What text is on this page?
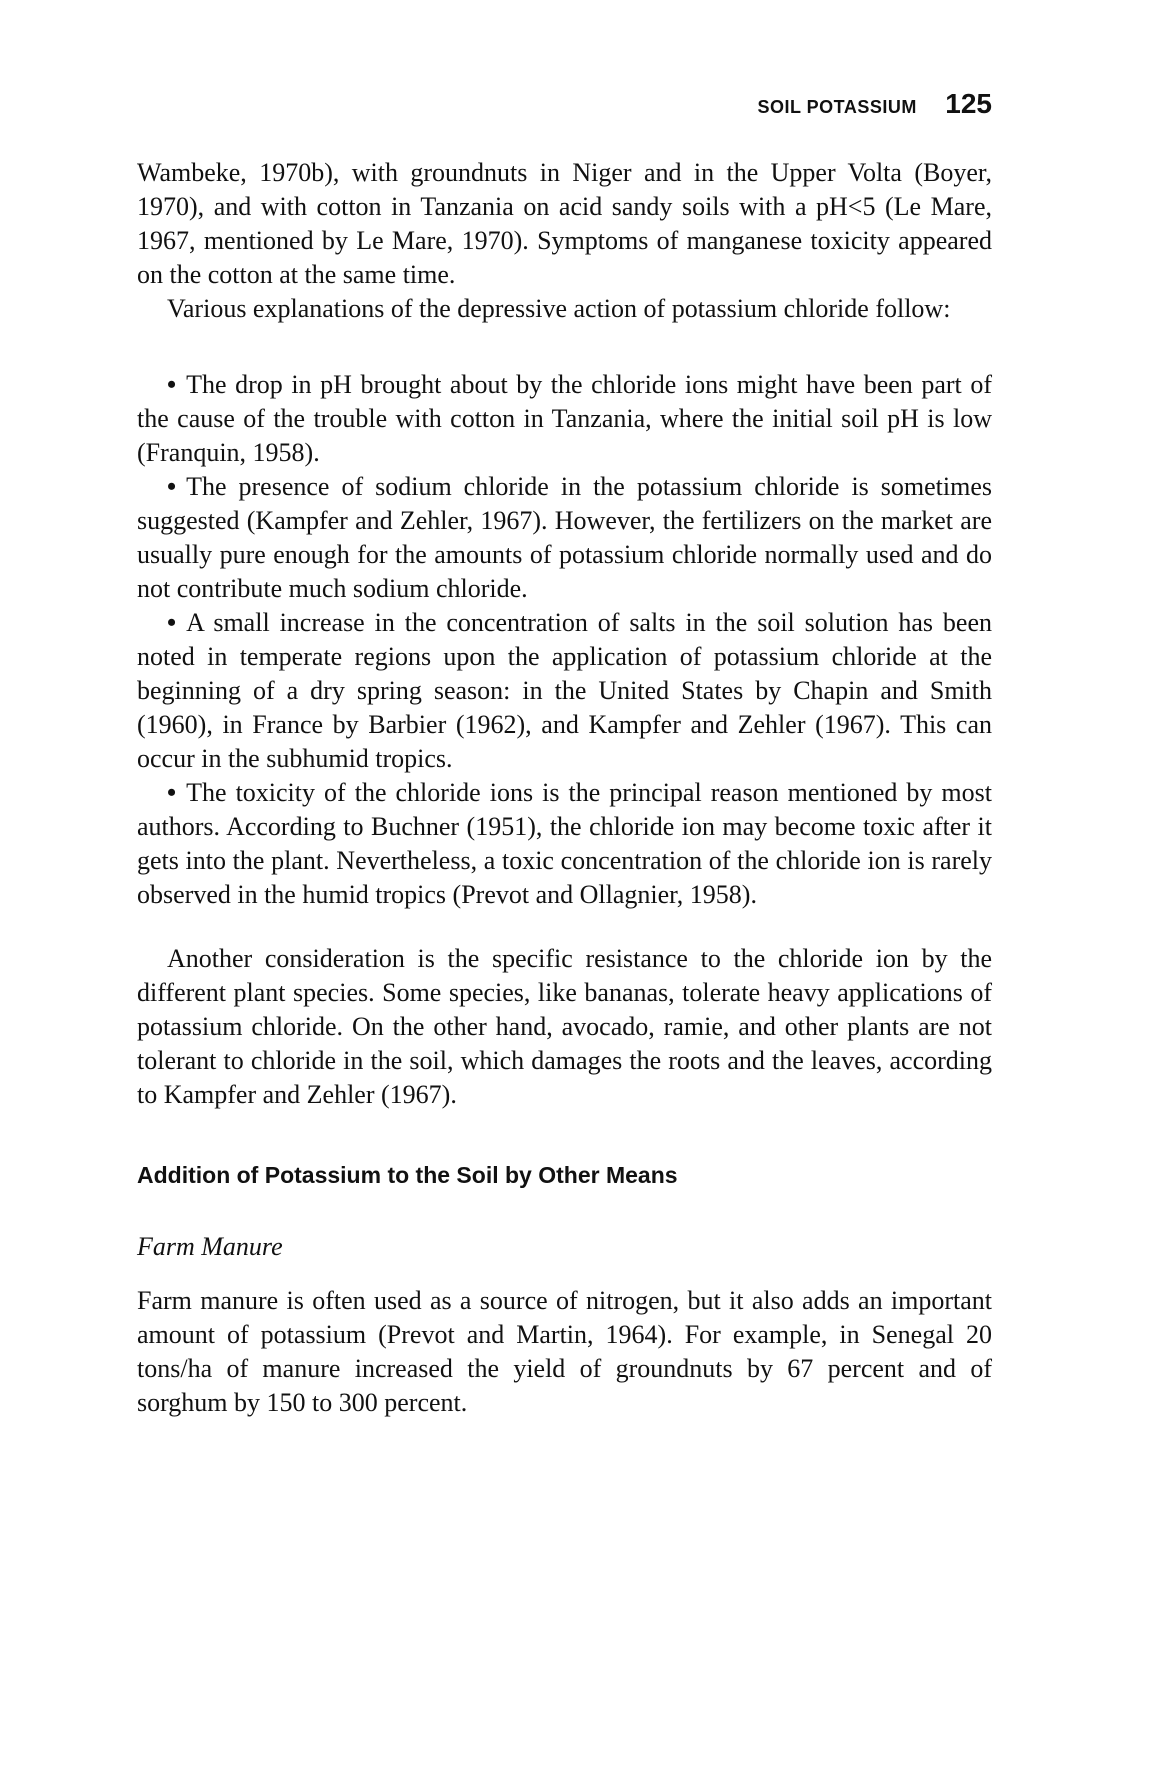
SOIL POTASSIUM 125

Wambeke, 1970b), with groundnuts in Niger and in the Upper Volta (Boyer, 1970), and with cotton in Tanzania on acid sandy soils with a pH<5 (Le Mare, 1967, mentioned by Le Mare, 1970). Symptoms of manganese toxicity appeared on the cotton at the same time.

Various explanations of the depressive action of potassium chloride follow:

• The drop in pH brought about by the chloride ions might have been part of the cause of the trouble with cotton in Tanzania, where the initial soil pH is low (Franquin, 1958).

• The presence of sodium chloride in the potassium chloride is sometimes suggested (Kampfer and Zehler, 1967). However, the fertilizers on the market are usually pure enough for the amounts of potassium chloride normally used and do not contribute much sodium chloride.

• A small increase in the concentration of salts in the soil solution has been noted in temperate regions upon the application of potassium chloride at the beginning of a dry spring season: in the United States by Chapin and Smith (1960), in France by Barbier (1962), and Kampfer and Zehler (1967). This can occur in the subhumid tropics.

• The toxicity of the chloride ions is the principal reason mentioned by most authors. According to Buchner (1951), the chloride ion may become toxic after it gets into the plant. Nevertheless, a toxic concentration of the chloride ion is rarely observed in the humid tropics (Prevot and Ollagnier, 1958).

Another consideration is the specific resistance to the chloride ion by the different plant species. Some species, like bananas, tolerate heavy applications of potassium chloride. On the other hand, avocado, ramie, and other plants are not tolerant to chloride in the soil, which damages the roots and the leaves, according to Kampfer and Zehler (1967).

Addition of Potassium to the Soil by Other Means
Farm Manure

Farm manure is often used as a source of nitrogen, but it also adds an important amount of potassium (Prevot and Martin, 1964). For example, in Senegal 20 tons/ha of manure increased the yield of groundnuts by 67 percent and of sorghum by 150 to 300 percent.
